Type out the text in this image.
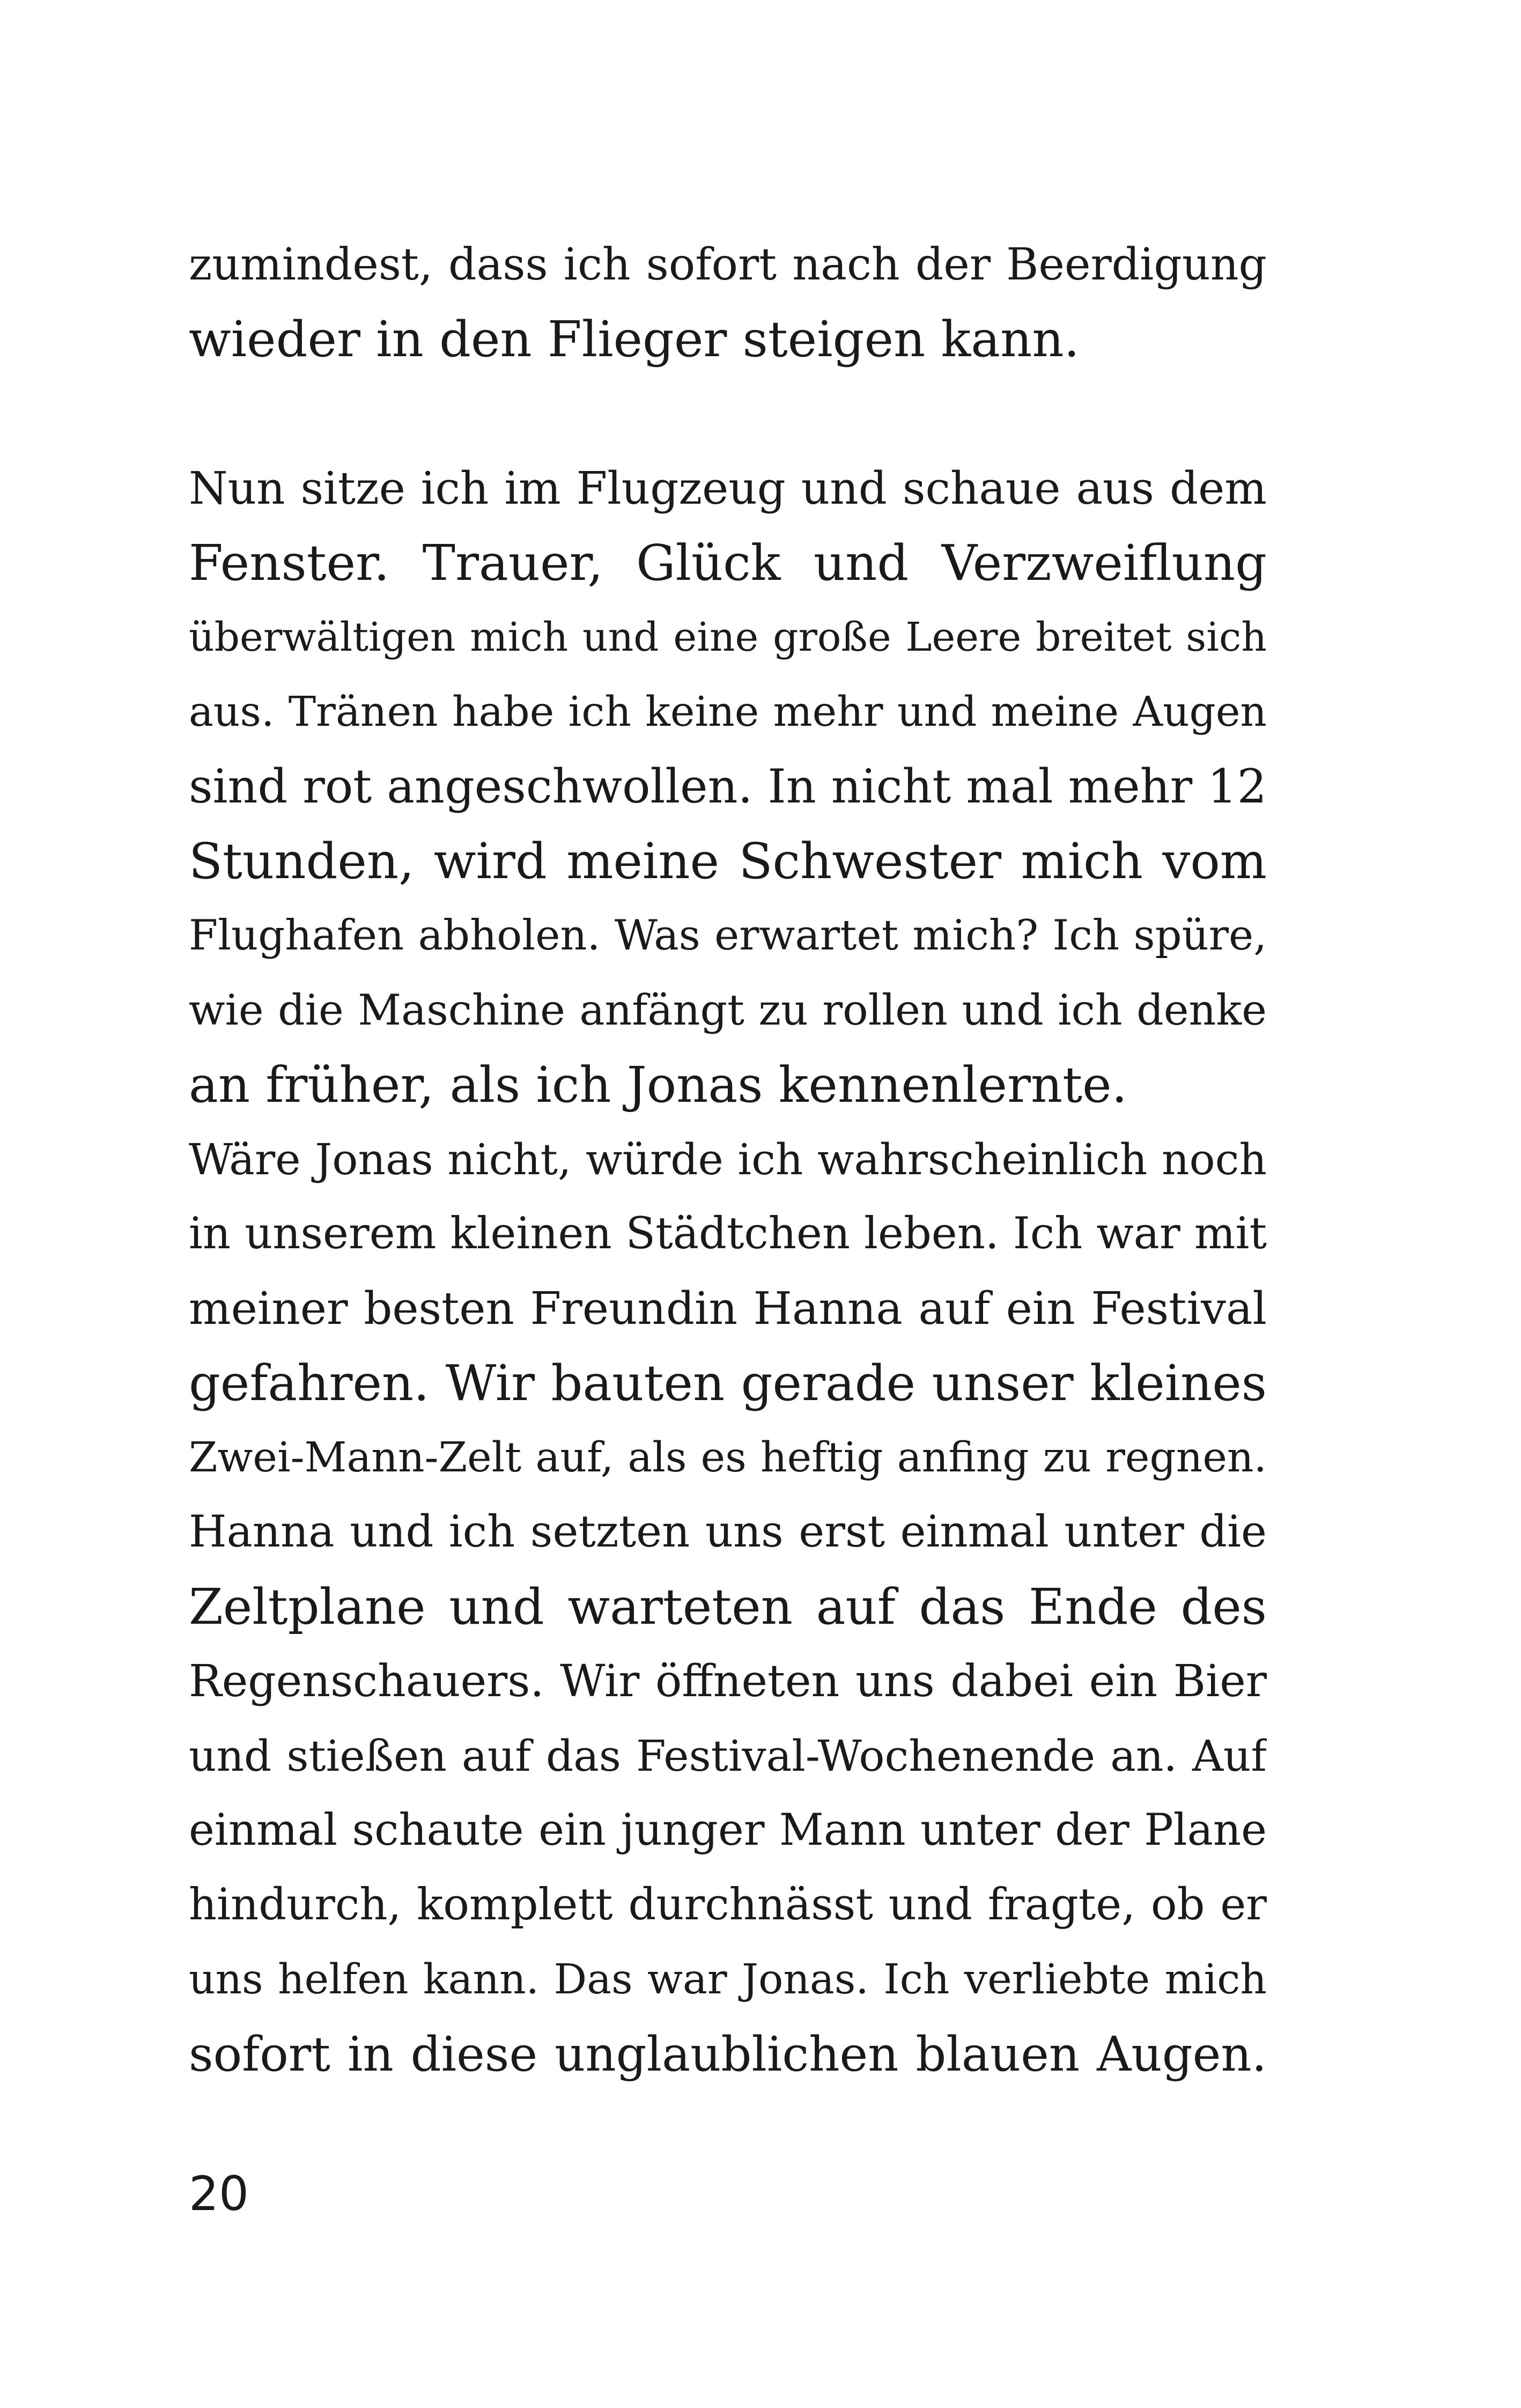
zumindest, dass ich sofort nach der Beerdigung
wieder in den Flieger steigen kann.
Nun sitze ich im Flugzeug und schaue aus dem
Fenster. Trauer, Glück und Verzweiflung
überwältigen mich und eine große Leere breitet sich
aus. Tränen habe ich keine mehr und meine Augen
sind rot angeschwollen. In nicht mal mehr 12
Stunden, wird meine Schwester mich vom
Flughafen abholen. Was erwartet mich? Ich spüre,
wie die Maschine anfängt zu rollen und ich denke
an früher, als ich Jonas kennenlernte.
Wäre Jonas nicht, würde ich wahrscheinlich noch
in unserem kleinen Städtchen leben. Ich war mit
meiner besten Freundin Hanna auf ein Festival
gefahren. Wir bauten gerade unser kleines
Zwei-Mann-Zelt auf, als es heftig anfing zu regnen.
Hanna und ich setzten uns erst einmal unter die
Zeltplane und warteten auf das Ende des
Regenschauers. Wir öffneten uns dabei ein Bier
und stießen auf das Festival-Wochenende an. Auf
einmal schaute ein junger Mann unter der Plane
hindurch, komplett durchnässt und fragte, ob er
uns helfen kann. Das war Jonas. Ich verliebte mich
sofort in diese unglaublichen blauen Augen.
20
